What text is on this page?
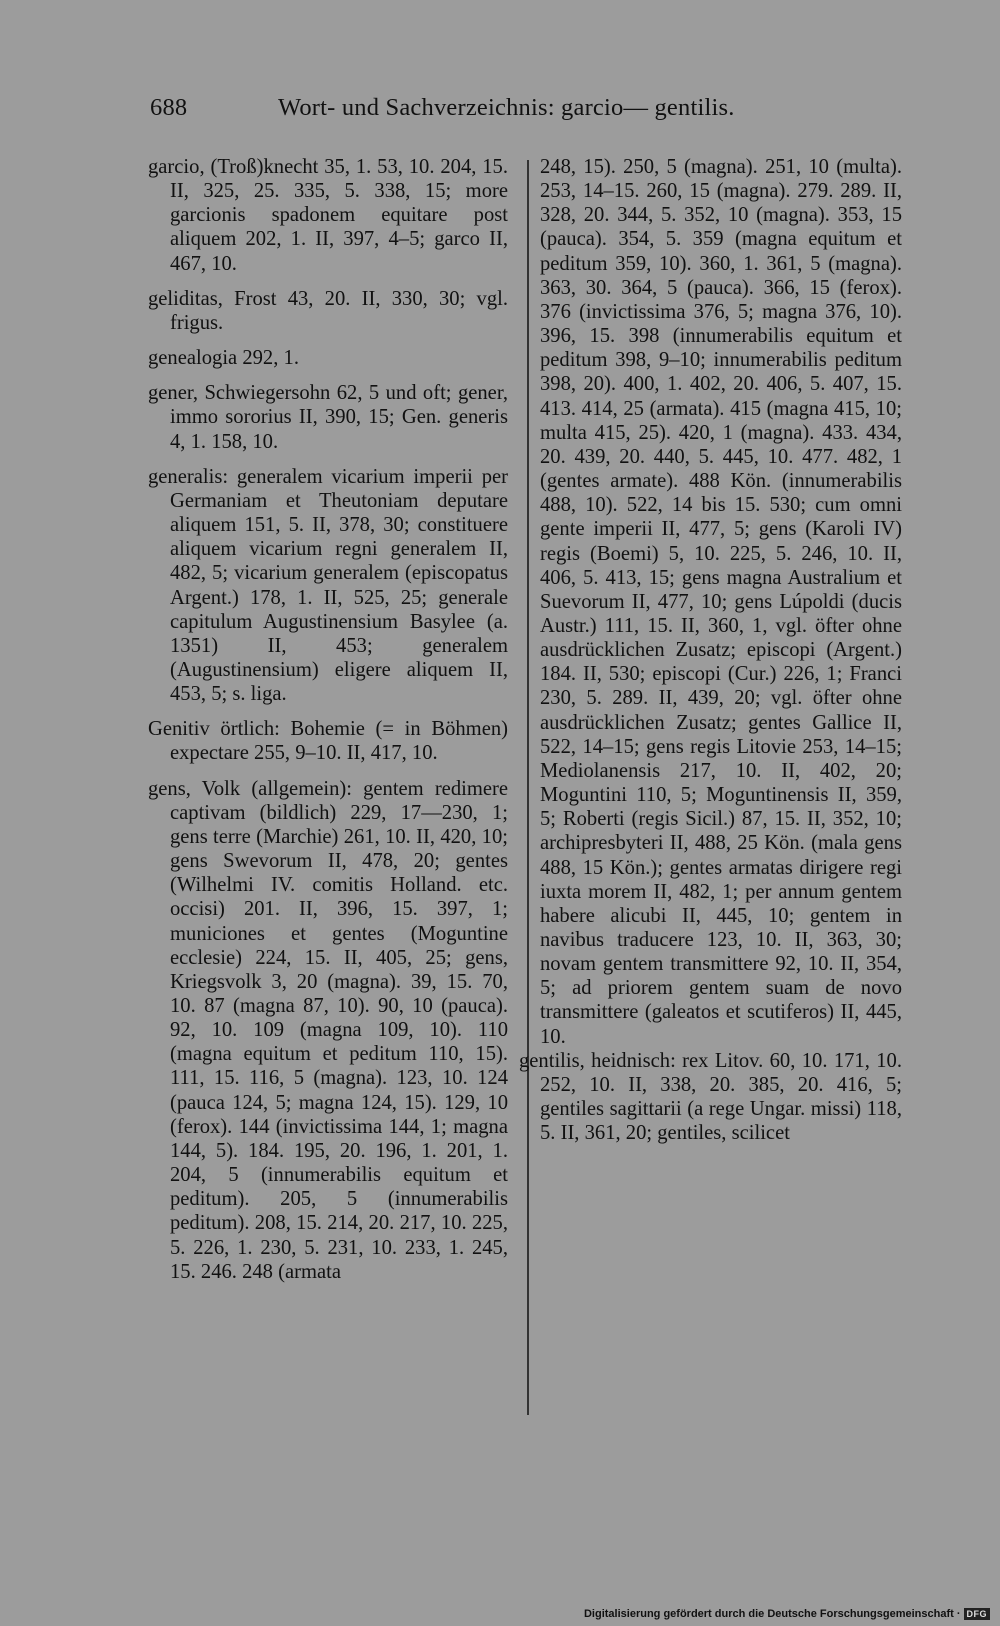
688	Wort- und Sachverzeichnis: garcio— gentilis.

garcio, (Troß)knecht 35, 1. 53, 10. 204, 15. II, 325, 25. 335, 5. 338, 15; more garcionis spadonem equitare post aliquem 202, 1. II, 397, 4–5; garco II, 467, 10.

geliditas, Frost 43, 20. II, 330, 30; vgl. frigus.

genealogia 292, 1.

gener, Schwiegersohn 62, 5 und oft; gener, immo sororius II, 390, 15; Gen. generis 4, 1. 158, 10.

generalis: generalem vicarium imperii per Germaniam et Theutoniam deputare aliquem 151, 5. II, 378, 30; constituere aliquem vicarium regni generalem II, 482, 5; vicarium generalem (episcopatus Argent.) 178, 1. II, 525, 25; generale capitulum Augustinensium Basylee (a. 1351) II, 453; generalem (Augustinensium) eligere aliquem II, 453, 5; s. liga.

Genitiv örtlich: Bohemie (= in Böhmen) expectare 255, 9–10. II, 417, 10.

gens, Volk (allgemein): gentem redimere captivam (bildlich) 229, 17—230, 1; gens terre (Marchie) 261, 10. II, 420, 10; gens Swevorum II, 478, 20; gentes (Wilhelmi IV. comitis Holland. etc. occisi) 201. II, 396, 15. 397, 1; municiones et gentes (Moguntine ecclesie) 224, 15. II, 405, 25; gens, Kriegsvolk 3, 20 (magna). 39, 15. 70, 10. 87 (magna 87, 10). 90, 10 (pauca). 92, 10. 109 (magna 109, 10). 110 (magna equitum et peditum 110, 15). 111, 15. 116, 5 (magna). 123, 10. 124 (pauca 124, 5; magna 124, 15). 129, 10 (ferox). 144 (invictissima 144, 1; magna 144, 5). 184. 195, 20. 196, 1. 201, 1. 204, 5 (innumerabilis equitum et peditum). 205, 5 (innumerabilis peditum). 208, 15. 214, 20. 217, 10. 225, 5. 226, 1. 230, 5. 231, 10. 233, 1. 245, 15. 246. 248 (armata

248, 15). 250, 5 (magna). 251, 10 (multa). 253, 14–15. 260, 15 (magna). 279. 289. II, 328, 20. 344, 5. 352, 10 (magna). 353, 15 (pauca). 354, 5. 359 (magna equitum et peditum 359, 10). 360, 1. 361, 5 (magna). 363, 30. 364, 5 (pauca). 366, 15 (ferox). 376 (invictissima 376, 5; magna 376, 10). 396, 15. 398 (innumerabilis equitum et peditum 398, 9–10; innumerabilis peditum 398, 20). 400, 1. 402, 20. 406, 5. 407, 15. 413. 414, 25 (armata). 415 (magna 415, 10; multa 415, 25). 420, 1 (magna). 433. 434, 20. 439, 20. 440, 5. 445, 10. 477. 482, 1 (gentes armate). 488 Kön. (innumerabilis 488, 10). 522, 14 bis 15. 530; cum omni gente imperii II, 477, 5; gens (Karoli IV) regis (Boemi) 5, 10. 225, 5. 246, 10. II, 406, 5. 413, 15; gens magna Australium et Suevorum II, 477, 10; gens Lúpoldi (ducis Austr.) 111, 15. II, 360, 1, vgl. öfter ohne ausdrücklichen Zusatz; episcopi (Argent.) 184. II, 530; episcopi (Cur.) 226, 1; Franci 230, 5. 289. II, 439, 20; vgl. öfter ohne ausdrücklichen Zusatz; gentes Gallice II, 522, 14–15; gens regis Litovie 253, 14–15; Mediolanensis 217, 10. II, 402, 20; Moguntini 110, 5; Moguntinensis II, 359, 5; Roberti (regis Sicil.) 87, 15. II, 352, 10; archipresbyteri II, 488, 25 Kön. (mala gens 488, 15 Kön.); gentes armatas dirigere regi iuxta morem II, 482, 1; per annum gentem habere alicubi II, 445, 10; gentem in navibus traducere 123, 10. II, 363, 30; novam gentem transmittere 92, 10. II, 354, 5; ad priorem gentem suam de novo transmittere (galeatos et scutiferos) II, 445, 10.

gentilis, heidnisch: rex Litov. 60, 10. 171, 10. 252, 10. II, 338, 20. 385, 20. 416, 5; gentiles sagittarii (a rege Ungar. missi) 118, 5. II, 361, 20; gentiles, scilicet

Digitalisierung gefördert durch die Deutsche Forschungsgemeinschaft · DFG
